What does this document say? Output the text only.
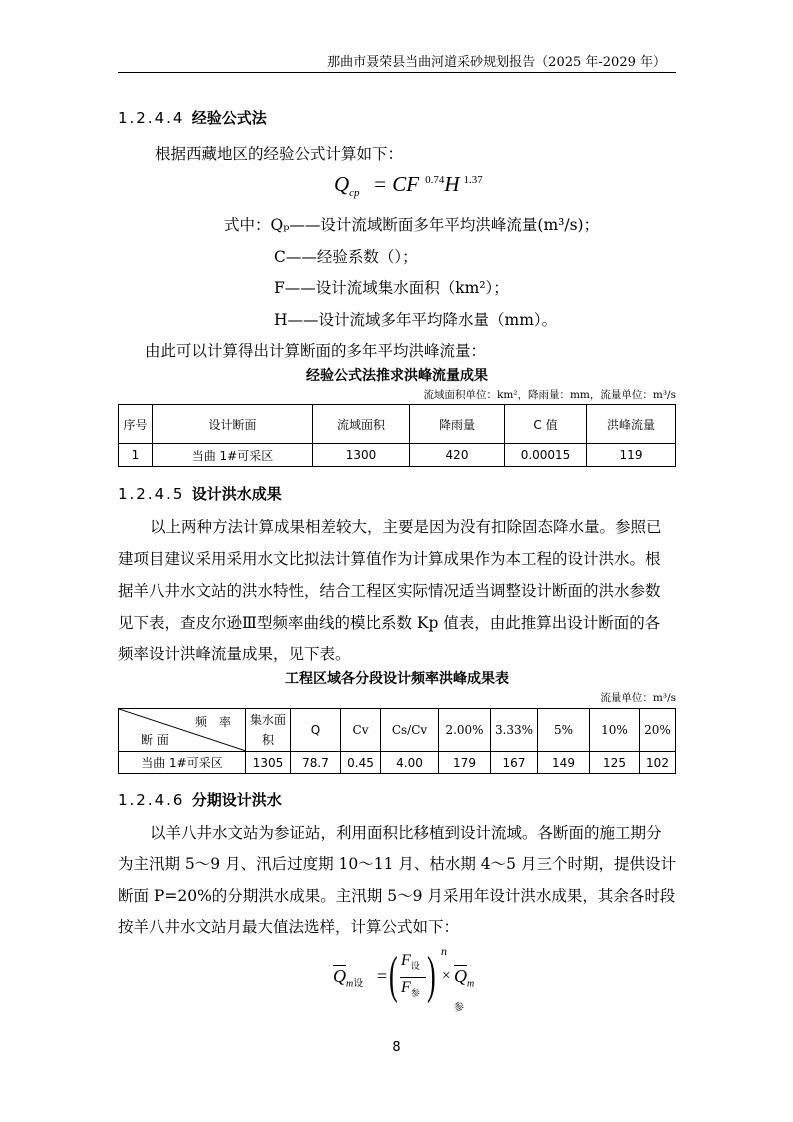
那曲市聂荣县当曲河道采砂规划报告（2025 年-2029 年）
1.2.4.4 经验公式法
根据西藏地区的经验公式计算如下：
$Q_{cp}$ = CF $^{0.74}$H $^{1.37}$
式中：Qₚ——设计流域断面多年平均洪峰流量(m³/s)；
C——经验系数（）；
F——设计流域集水面积（km²）；
H——设计流域多年平均降水量（mm）。
由此可以计算得出计算断面的多年平均洪峰流量：
经验公式法推求洪峰流量成果
流域面积单位：km²，降雨量：mm，流量单位：m³/s
序号	设计断面	流域面积	降雨量	C 值	洪峰流量
1	当曲 1#可采区	1300	420	0.00015	119
1.2.4.5 设计洪水成果
以上两种方法计算成果相差较大，主要是因为没有扣除固态降水量。参照已
建项目建议采用采用水文比拟法计算值作为计算成果作为本工程的设计洪水。根
据羊八井水文站的洪水特性，结合工程区实际情况适当调整设计断面的洪水参数
见下表，查皮尔逊Ⅲ型频率曲线的模比系数 Kp 值表，由此推算出设计断面的各
频率设计洪峰流量成果，见下表。
工程区域各分段设计频率洪峰成果表
流量单位：m³/s
频　率
断 面	集水面积	Q	Cv	Cs/Cv	2.00%	3.33%	5%	10%	20%
当曲 1#可采区	1305	78.7	0.45	4.00	179	167	149	125	102
1.2.4.6 分期设计洪水
以羊八井水文站为参证站，利用面积比移植到设计流域。各断面的施工期分
为主汛期 5～9 月、汛后过度期 10～11 月、枯水期 4～5 月三个时期，提供设计
断面 P=20%的分期洪水成果。主汛期 5～9 月采用年设计洪水成果，其余各时段
按羊八井水文站月最大值法选样，计算公式如下：
$\overline{Q}_{m设}$ = ( $F_设$
$F_参$ ) n
× $\overline{Q}_{m参}$
8
